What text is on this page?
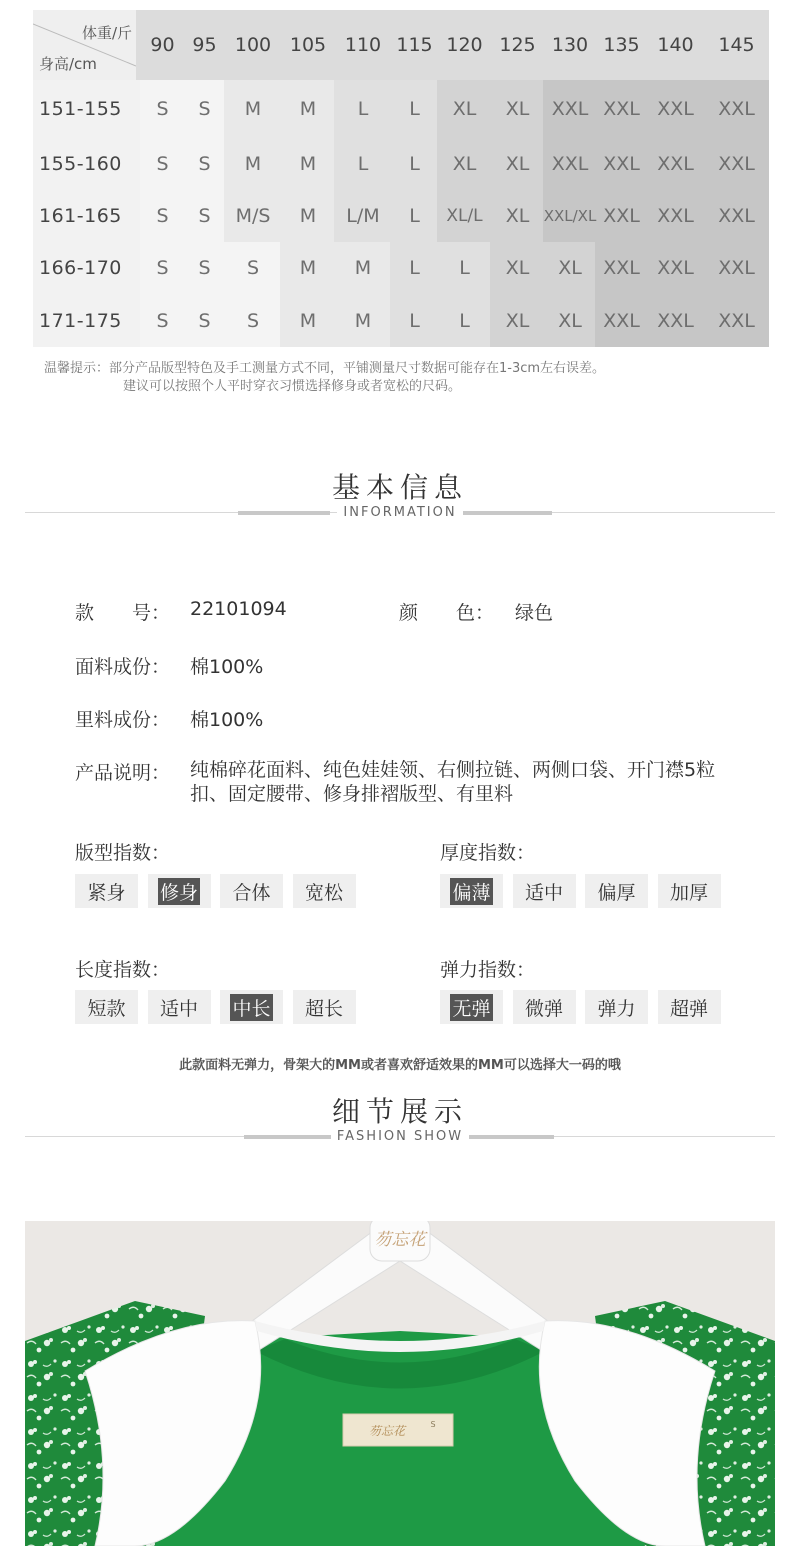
体重/斤
身高/cm
90 95 100 105 110 115 120 125 130 135 140	145
151-155	S	S	M	M	L	L	XL	XL	XXL XXL XXL	XXL
155-160	S	S	M	M	L	L	XL	XL	XXL XXL XXL	XXL
161-165	S	S	M/S	M	L/M	L	XL/L	XL XXL/XL XXL XXL	XXL
166-170	S	S	S	M	M	L	L	XL	XL	XXL XXL	XXL
171-175	S	S	S	M	M	L	L	XL	XL	XXL XXL	XXL
温馨提示：部分产品版型特色及手工测量方式不同，平铺测量尺寸数据可能存在1-3cm左右误差。
建议可以按照个人平时穿衣习惯选择修身或者宽松的尺码。
基本信息
INFORMATION
款　　号： 22101094	颜　　色： 绿色
面料成份： 棉100%
里料成份： 棉100%
产品说明： 纯棉碎花面料、纯色娃娃领、右侧拉链、两侧口袋、开门襟5粒扣、固定腰带、修身排褶版型、有里料
版型指数：
紧身 修身 合体 宽松
厚度指数：
偏薄 适中 偏厚 加厚
长度指数：
短款 适中 中长 超长
弹力指数：
无弹 微弹 弹力 超弹
此款面料无弹力，骨架大的MM或者喜欢舒适效果的MM可以选择大一码的哦
细节展示
FASHION SHOW
芴忘花
芴忘花	S
